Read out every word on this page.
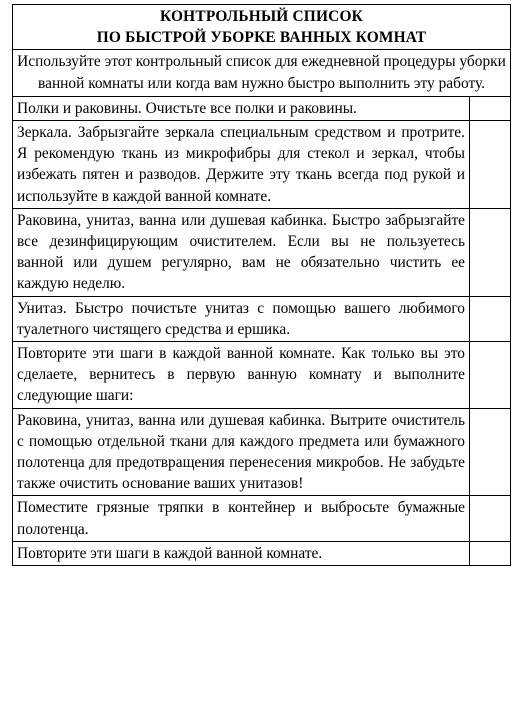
КОНТРОЛЬНЫЙ СПИСОК
ПО БЫСТРОЙ УБОРКЕ ВАННЫХ КОМНАТ	

Используйте этот контрольный список для ежедневной процедуры уборки ванной комнаты или когда вам нужно быстро выполнить эту работу.	
Полки и раковины. Очистьте все полки и раковины.	
Зеркала. Забрызгайте зеркала специальным средством и протрите. Я рекомендую ткань из микрофибры для стекол и зеркал, чтобы избежать пятен и разводов. Держите эту ткань всегда под рукой и используйте в каждой ванной комнате.	
Раковина, унитаз, ванна или душевая кабинка. Быстро забрызгайте все дезинфицирующим очистителем. Если вы не пользуетесь ванной или душем регулярно, вам не обязательно чистить ее каждую неделю.	
Унитаз. Быстро почистьте унитаз с помощью вашего любимого туалетного чистящего средства и ершика.	
Повторите эти шаги в каждой ванной комнате. Как только вы это сделаете, вернитесь в первую ванную комнату и выполните следующие шаги:	
Раковина, унитаз, ванна или душевая кабинка. Вытрите очиститель с помощью отдельной ткани для каждого предмета или бумажного полотенца для предотвращения перенесения микробов. Не забудьте также очистить основание ваших унитазов!	
Поместите грязные тряпки в контейнер и выбросьте бумажные полотенца.	
Повторите эти шаги в каждой ванной комнате.	
